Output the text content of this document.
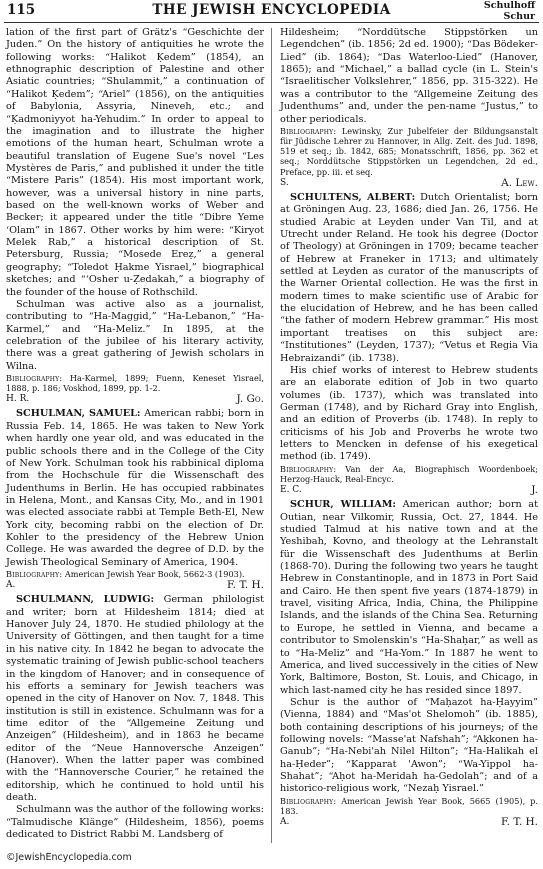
115	THE JEWISH ENCYCLOPEDIA	Schulhoff
Schur

lation of the first part of Grätz's “Geschichte der Juden.” On the history of antiquities he wrote the following works: “Halikot Ḳedem” (1854), an ethnographic description of Palestine and other Asiatic countries; “Shulammit,” a continuation of “Halikot Ḳedem”; “Ariel” (1856), on the antiquities of Babylonia, Assyria, Nineveh, etc.; and “Ḳadmoniyyot ha-Yehudim.” In order to appeal to the imagination and to illustrate the higher emotions of the human heart, Schulman wrote a beautiful translation of Eugene Sue's novel “Les Mystères de Paris,” and published it under the title “Mistere Paris” (1854). His most important work, however, was a universal history in nine parts, based on the well-known works of Weber and Becker; it appeared under the title “Dibre Yeme ‘Olam” in 1867. Other works by him were: “Kiryot Melek Rab,” a historical description of St. Petersburg, Russia; “Mosede Ereẓ,” a general geography; “Toledot Ḥakme Yisrael,” biographical sketches; and “‘Osher u-Ẓedakah,” a biography of the founder of the house of Rothschild.

Schulman was active also as a journalist, contributing to “Ha-Maggid,” “Ha-Lebanon,” “Ha-Karmel,” and “Ha-Meliz.” In 1895, at the celebration of the jubilee of his literary activity, there was a great gathering of Jewish scholars in Wilna.

Bibliography: Ha-Karmel, 1899; Fuenn, Keneset Yisrael, 1888, p. 186; Voskhod, 1899, pp. 1-2.

H. R.	J. Go.

SCHULMAN, SAMUEL: American rabbi; born in Russia Feb. 14, 1865. He was taken to New York when hardly one year old, and was educated in the public schools there and in the College of the City of New York. Schulman took his rabbinical diploma from the Hochschule für die Wissenschaft des Judenthums in Berlin. He has occupied rabbinates in Helena, Mont., and Kansas City, Mo., and in 1901 was elected associate rabbi at Temple Beth-El, New York city, becoming rabbi on the election of Dr. Kohler to the presidency of the Hebrew Union College. He was awarded the degree of D.D. by the Jewish Theological Seminary of America, 1904.

Bibliography: American Jewish Year Book, 5662-3 (1903).

A.	F. T. H.

SCHULMANN, LUDWIG: German philologist and writer; born at Hildesheim 1814; died at Hanover July 24, 1870. He studied philology at the University of Göttingen, and then taught for a time in his native city. In 1842 he began to advocate the systematic training of Jewish public-school teachers in the kingdom of Hanover; and in consequence of his efforts a seminary for Jewish teachers was opened in the city of Hanover on Nov. 7, 1848. This institution is still in existence. Schulmann was for a time editor of the “Allgemeine Zeitung und Anzeigen” (Hildesheim), and in 1863 he became editor of the “Neue Hannoversche Anzeigen” (Hanover). When the latter paper was combined with the “Hannoversche Courier,” he retained the editorship, which he continued to hold until his death.

Schulmann was the author of the following works: “Talmudische Klänge” (Hildesheim, 1856), poems dedicated to District Rabbi M. Landsberg of

Hildesheim; “Norddütsche Stippstörken un Legendchen” (ib. 1856; 2d ed. 1900); “Das Bödeker-Lied” (ib. 1864); “Das Waterloo-Lied” (Hanover, 1865); and “Michael,” a ballad cycle (in L. Stein's “Israelitischer Volkslehrer,” 1856, pp. 315-322). He was a contributor to the “Allgemeine Zeitung des Judenthums” and, under the pen-name “Justus,” to other periodicals.

Bibliography: Lewinsky, Zur Jubelfeier der Bildungsanstalt für Jüdische Lehrer zu Hannover, in Allg. Zeit. des Jud. 1898, 519 et seq.; ib. 1842, 685; Monatsschrift, 1856, pp. 362 et seq.; Norddütsche Stippstörken un Legendchen, 2d ed., Preface, pp. iii. et seq.

S.	A. Lew.

SCHULTENS, ALBERT: Dutch Orientalist; born at Gröningen Aug. 23, 1686; died Jan. 26, 1756. He studied Arabic at Leyden under Van Til, and at Utrecht under Reland. He took his degree (Doctor of Theology) at Gröningen in 1709; became teacher of Hebrew at Franeker in 1713; and ultimately settled at Leyden as curator of the manuscripts of the Warner Oriental collection. He was the first in modern times to make scientific use of Arabic for the elucidation of Hebrew, and he has been called “the father of modern Hebrew grammar.” His most important treatises on this subject are: “Institutiones” (Leyden, 1737); “Vetus et Regia Via Hebraizandi” (ib. 1738).

His chief works of interest to Hebrew students are an elaborate edition of Job in two quarto volumes (ib. 1737), which was translated into German (1748), and by Richard Gray into English, and an edition of Proverbs (ib. 1748). In reply to criticisms of his Job and Proverbs he wrote two letters to Mencken in defense of his exegetical method (ib. 1749).

Bibliography: Van der Aa, Biographisch Woordenboek; Herzog-Hauck, Real-Encyc.

E. C.	J.

SCHUR, WILLIAM: American author; born at Outian, near Vilkomir, Russia, Oct. 27, 1844. He studied Talmud at his native town and at the Yeshibah, Kovno, and theology at the Lehranstalt für die Wissenschaft des Judenthums at Berlin (1868-70). During the following two years he taught Hebrew in Constantinople, and in 1873 in Port Said and Cairo. He then spent five years (1874-1879) in travel, visiting Africa, India, China, the Philippine Islands, and the islands of the China Sea. Returning to Europe, he settled in Vienna, and became a contributor to Smolenskin's “Ha-Shaḥar,” as well as to “Ha-Meliz” and “Ha-Yom.” In 1887 he went to America, and lived successively in the cities of New York, Baltimore, Boston, St. Louis, and Chicago, in which last-named city he has resided since 1897.

Schur is the author of “Maḥazot ha-Ḥayyim” (Vienna, 1884) and “Mas'ot Shelomoh” (ib. 1885), both containing descriptions of his journeys; of the following novels: “Masse'at Nafshah”; “Aḳkonen ha-Ganub”; “Ha-Nebi'ah Nilel Hilton”; “Ha-Halikah el ha-Ḥeder”; “Kapparat 'Awon”; “Wa-Yippol ha-Shahat”; “Aḥot ha-Meridah ha-Gedolah”; and of a historico-religious work, “Nezaḥ Yisrael.”

Bibliography: American Jewish Year Book, 5665 (1905), p. 183.

A.	F. T. H.
©JewishEncyclopedia.com
